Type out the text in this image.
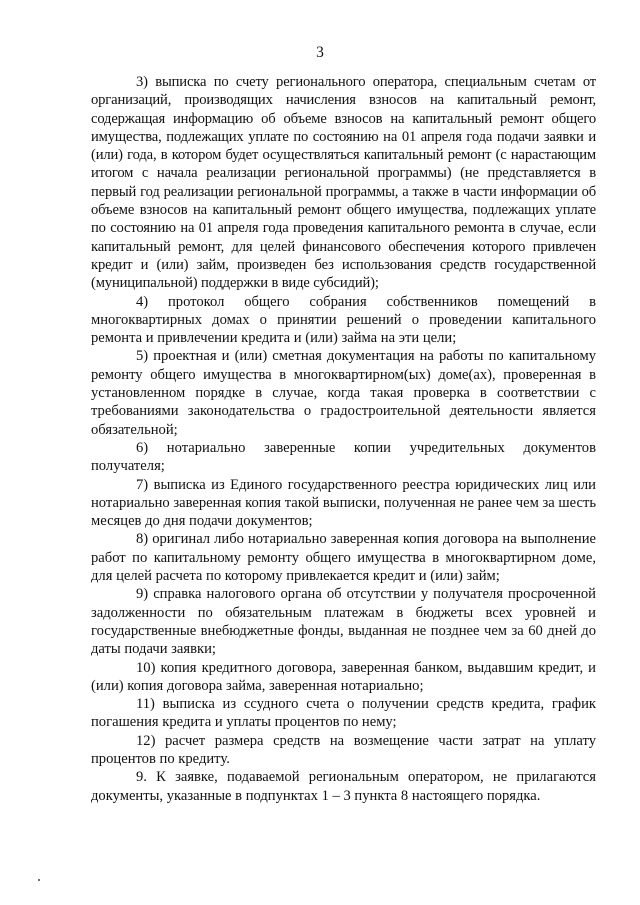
3

3) выписка по счету регионального оператора, специальным счетам от организаций, производящих начисления взносов на капитальный ремонт, содержащая информацию об объеме взносов на капитальный ремонт общего имущества, подлежащих уплате по состоянию на 01 апреля года подачи заявки и (или) года, в котором будет осуществляться капитальный ремонт (с нарастающим итогом с начала реализации региональной программы) (не представляется в первый год реализации региональной программы, а также в части информации об объеме взносов на капитальный ремонт общего имущества, подлежащих уплате по состоянию на 01 апреля года проведения капитального ремонта в случае, если капитальный ремонт, для целей финансового обеспечения которого привлечен кредит и (или) займ, произведен без использования средств государственной (муниципальной) поддержки в виде субсидий);

4) протокол общего собрания собственников помещений в многоквартирных домах о принятии решений о проведении капитального ремонта и привлечении кредита и (или) займа на эти цели;

5) проектная и (или) сметная документация на работы по капитальному ремонту общего имущества в многоквартирном(ых) доме(ах), проверенная в установленном порядке в случае, когда такая проверка в соответствии с требованиями законодательства о градостроительной деятельности является обязательной;

6) нотариально заверенные копии учредительных документов получателя;

7) выписка из Единого государственного реестра юридических лиц или нотариально заверенная копия такой выписки, полученная не ранее чем за шесть месяцев до дня подачи документов;

8) оригинал либо нотариально заверенная копия договора на выполнение работ по капитальному ремонту общего имущества в многоквартирном доме, для целей расчета по которому привлекается кредит и (или) займ;

9) справка налогового органа об отсутствии у получателя просроченной задолженности по обязательным платежам в бюджеты всех уровней и государственные внебюджетные фонды, выданная не позднее чем за 60 дней до даты подачи заявки;

10) копия кредитного договора, заверенная банком, выдавшим кредит, и (или) копия договора займа, заверенная нотариально;

11) выписка из ссудного счета о получении средств кредита, график погашения кредита и уплаты процентов по нему;

12) расчет размера средств на возмещение части затрат на уплату процентов по кредиту.

9. К заявке, подаваемой региональным оператором, не прилагаются документы, указанные в подпунктах 1 – 3 пункта 8 настоящего порядка.
